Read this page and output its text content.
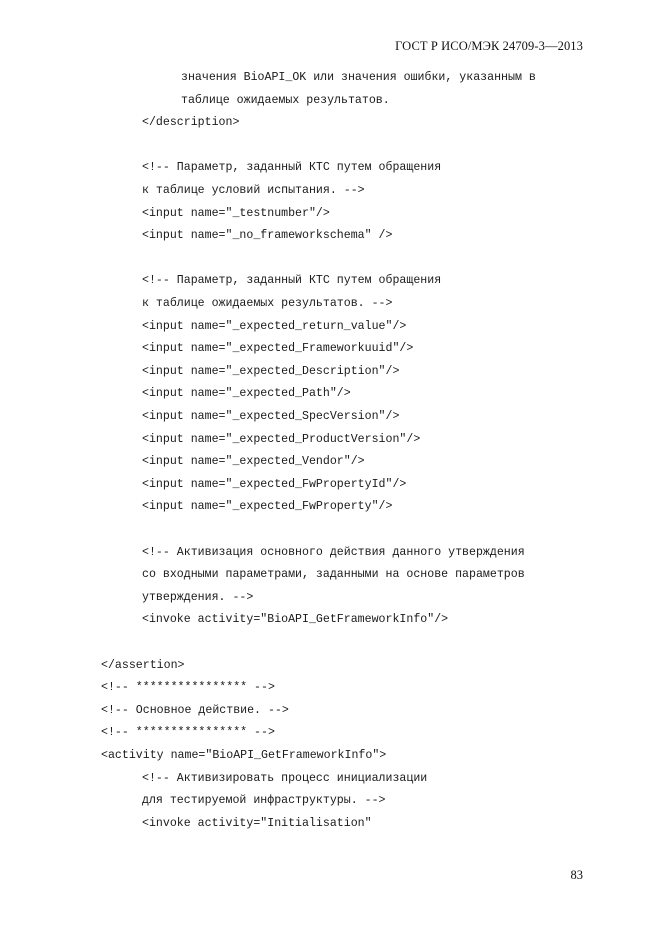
ГОСТ Р ИСО/МЭК 24709-3—2013
значения BioAPI_OK или значения ошибки, указанным в
таблице ожидаемых результатов.
</description>
<!-- Параметр, заданный КТС путем обращения
к таблице условий испытания. -->
<input name="_testnumber"/>
<input name="_no_frameworkschema" />
<!-- Параметр, заданный КТС путем обращения
к таблице ожидаемых результатов. -->
<input name="_expected_return_value"/>
<input name="_expected_Frameworkuuid"/>
<input name="_expected_Description"/>
<input name="_expected_Path"/>
<input name="_expected_SpecVersion"/>
<input name="_expected_ProductVersion"/>
<input name="_expected_Vendor"/>
<input name="_expected_FwPropertyId"/>
<input name="_expected_FwProperty"/>
<!-- Активизация основного действия данного утверждения
со входными параметрами, заданными на основе параметров
утверждения. -->
<invoke activity="BioAPI_GetFrameworkInfo"/>
</assertion>
<!-- **************** -->
<!-- Основное действие. -->
<!-- **************** -->
<activity name="BioAPI_GetFrameworkInfo">
<!-- Активизировать процесс инициализации
для тестируемой инфраструктуры. -->
<invoke activity="Initialisation"
83
